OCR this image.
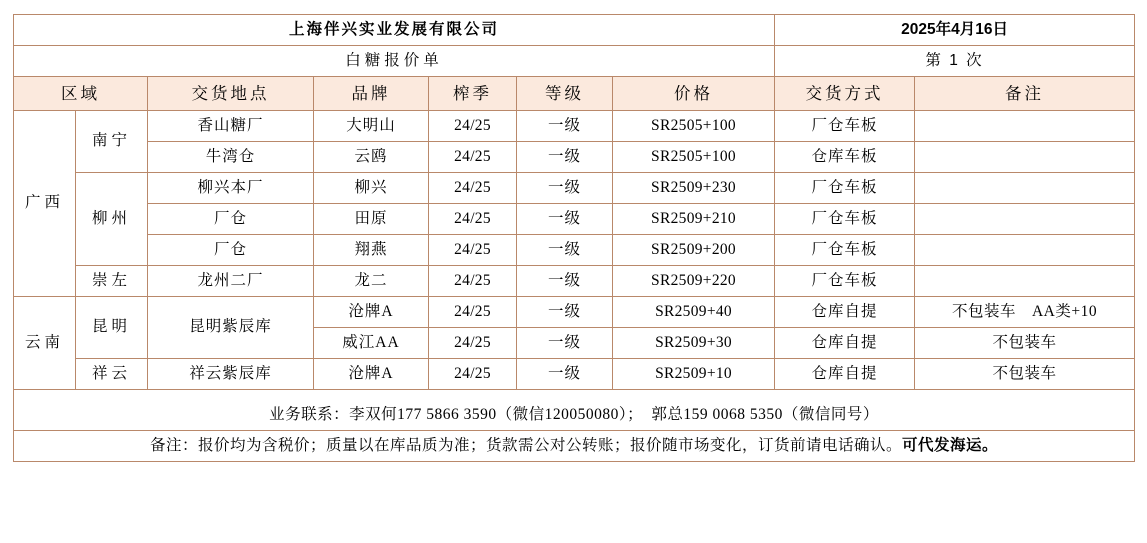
上海伴兴实业发展有限公司							2025年4月16日	
白糖报价单							第 1 次	
区域		交货地点	品牌	榨季	等级	价格	交货方式	备注
广西	南宁	香山糖厂	大明山	24/25	一级	SR2505+100	厂仓车板	
		牛湾仓	云鸥	24/25	一级	SR2505+100	仓库车板	
	柳州	柳兴本厂	柳兴	24/25	一级	SR2509+230	厂仓车板	
		厂仓	田原	24/25	一级	SR2509+210	厂仓车板	
		厂仓	翔燕	24/25	一级	SR2509+200	厂仓车板	
	崇左	龙州二厂	龙二	24/25	一级	SR2509+220	厂仓车板	
云南	昆明	昆明紫辰库	沧牌A	24/25	一级	SR2509+40	仓库自提	不包装车　AA类+10
			威江AA	24/25	一级	SR2509+30	仓库自提	不包装车
	祥云	祥云紫辰库	沧牌A	24/25	一级	SR2509+10	仓库自提	不包装车
业务联系：李双何177 5866 3590（微信120050080）；　郭总159 0068 5350（微信同号）								
备注：报价均为含税价；质量以在库品质为准；货款需公对公转账；报价随市场变化，订货前请电话确认。可代发海运。								
